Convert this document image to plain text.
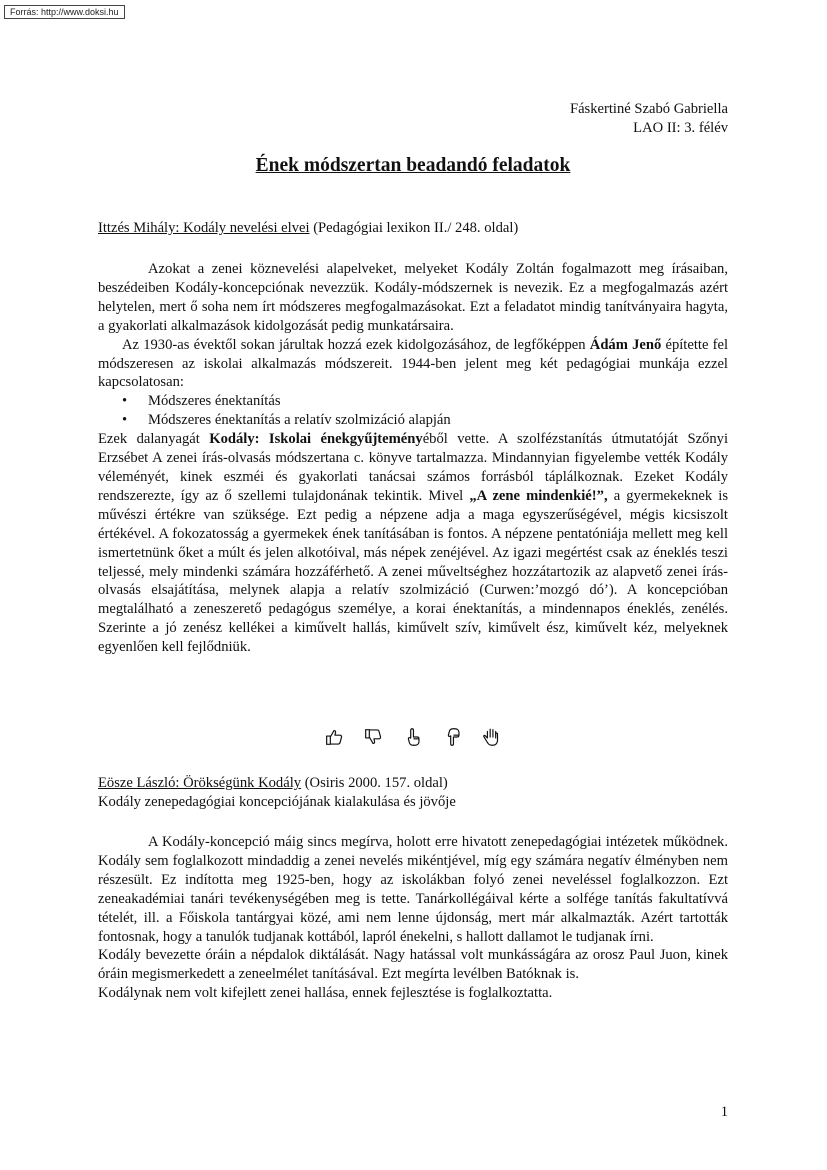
Forrás: http://www.doksi.hu
Fáskertiné Szabó Gabriella
LAO II: 3. félév
Ének módszertan beadandó feladatok
Ittzés Mihály: Kodály nevelési elvei (Pedagógiai lexikon II./ 248. oldal)

Azokat a zenei köznevelési alapelveket, melyeket Kodály Zoltán fogalmazott meg írásaiban, beszédeiben Kodály-koncepciónak nevezzük. Kodály-módszernek is nevezik. Ez a megfogalmazás azért helytelen, mert ő soha nem írt módszeres megfogalmazásokat. Ezt a feladatot mindig tanítványaira hagyta, a gyakorlati alkalmazások kidolgozását pedig munkatársaira.

Az 1930-as évektől sokan járultak hozzá ezek kidolgozásához, de legfőképpen Ádám Jenő építette fel módszeresen az iskolai alkalmazás módszereit. 1944-ben jelent meg két pedagógiai munkája ezzel kapcsolatosan:

• Módszeres énektanítás
• Módszeres énektanítás a relatív szolmizáció alapján

Ezek dalanyagát Kodály: Iskolai énekgyűjteményéből vette. A szolfézstanítás útmutatóját Szőnyi Erzsébet A zenei írás-olvasás módszertana c. könyve tartalmazza. Mindannyian figyelembe vették Kodály véleményét, kinek eszméi és gyakorlati tanácsai számos forrásból táplálkoznak. Ezeket Kodály rendszerezte, így az ő szellemi tulajdonának tekintik. Mivel „A zene mindenkié!”, a gyermekeknek is művészi értékre van szüksége. Ezt pedig a népzene adja a maga egyszerűségével, mégis kicsiszolt értékével. A fokozatosság a gyermekek ének tanításában is fontos. A népzene pentatóniája mellett meg kell ismertetnünk őket a múlt és jelen alkotóival, más népek zenéjével. Az igazi megértést csak az éneklés teszi teljessé, mely mindenki számára hozzáférhető. A zenei műveltséghez hozzátartozik az alapvető zenei írás-olvasás elsajátítása, melynek alapja a relatív szolmizáció (Curwen:’mozgó dó’). A koncepcióban megtalálható a zeneszerető pedagógus személye, a korai énektanítás, a mindennapos éneklés, zenélés. Szerinte a jó zenész kellékei a kiművelt hallás, kiművelt szív, kiművelt ész, kiművelt kéz, melyeknek egyenlően kell fejlődniük.

Eösze László: Örökségünk Kodály (Osiris 2000. 157. oldal)
Kodály zenepedagógiai koncepciójának kialakulása és jövője

A Kodály-koncepció máig sincs megírva, holott erre hivatott zenepedagógiai intézetek működnek. Kodály sem foglalkozott mindaddig a zenei nevelés mikéntjével, míg egy számára negatív élményben nem részesült. Ez indította meg 1925-ben, hogy az iskolákban folyó zenei neveléssel foglalkozzon. Ezt zeneakadémiai tanári tevékenységében meg is tette. Tanárkollégáival kérte a solfége tanítás fakultatívvá tételét, ill. a Főiskola tantárgyai közé, ami nem lenne újdonság, mert már alkalmazták. Azért tartották fontosnak, hogy a tanulók tudjanak kottából, lapról énekelni, s hallott dallamot le tudjanak írni.

Kodály bevezette óráin a népdalok diktálását. Nagy hatással volt munkásságára az orosz Paul Juon, kinek óráin megismerkedett a zeneelmélet tanításával. Ezt megírta levélben Batóknak is.

Kodálynak nem volt kifejlett zenei hallása, ennek fejlesztése is foglalkoztatta.

1
